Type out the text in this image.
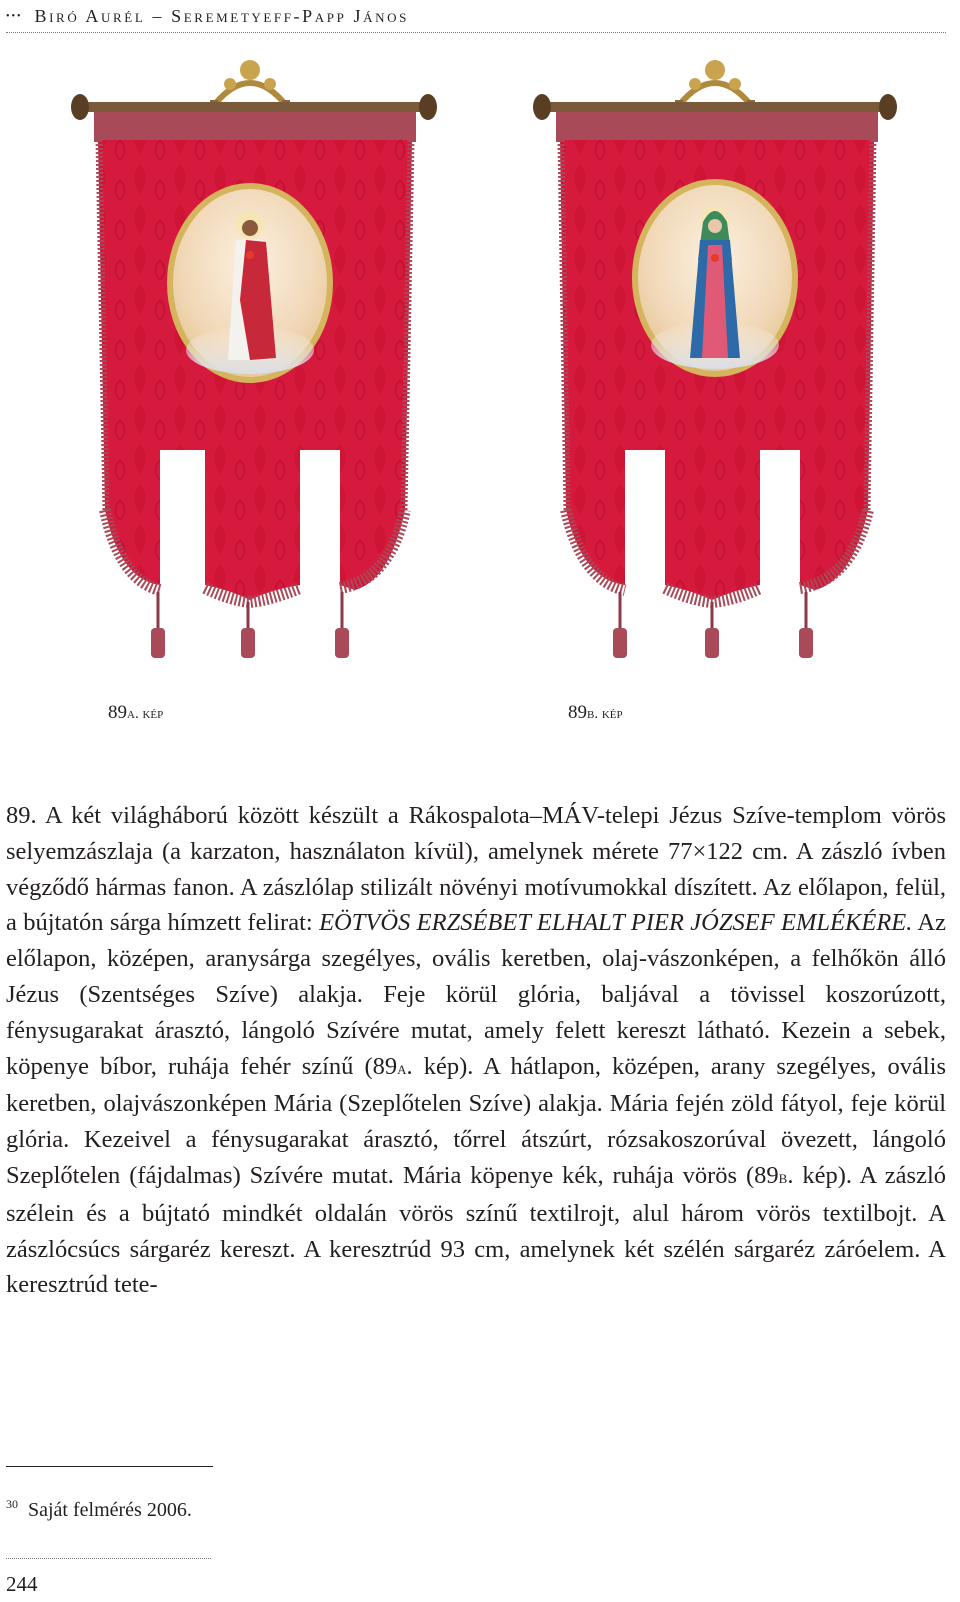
••• Biró Aurél – Seremetyeff-Papp János
89a. kép	89b. kép
89. A két világháború között készült a Rákospalota–MÁV-telepi Jézus Szíve-templom vörös selyemzászlaja (a karzaton, használaton kívül), amelynek mérete 77×122 cm. A zászló ívben végződő hármas fanon. A zászlólap stilizált növényi motívumokkal díszített. Az előlapon, felül, a bújtatón sárga hímzett felirat: EÖTVÖS ERZSÉBET ELHALT PIER JÓZSEF EMLÉKÉRE. Az előlapon, középen, aranysárga szegélyes, ovális keretben, olaj-vászonképen, a felhőkön álló Jézus (Szentséges Szíve) alakja. Feje körül glória, baljával a tövissel koszorúzott, fénysugarakat árasztó, lángoló Szívére mutat, amely felett kereszt látható. Kezein a sebek, köpenye bíbor, ruhája fehér színű (89a. kép). A hátlapon, középen, arany szegélyes, ovális keretben, olajvászonképen Mária (Szeplőtelen Szíve) alakja. Mária fején zöld fátyol, feje körül glória. Kezeivel a fénysugarakat árasztó, tőrrel átszúrt, rózsakoszorúval övezett, lángoló Szeplőtelen (fájdalmas) Szívére mutat. Mária köpenye kék, ruhája vörös (89b. kép). A zászló szélein és a bújtató mindkét oldalán vörös színű textilrojt, alul három vörös textilbojt. A zászlócsúcs sárgaréz kereszt. A keresztrúd 93 cm, amelynek két szélén sárgaréz záróelem. A keresztrúd tete-
$^{30}$ Saját felmérés 2006.
244
